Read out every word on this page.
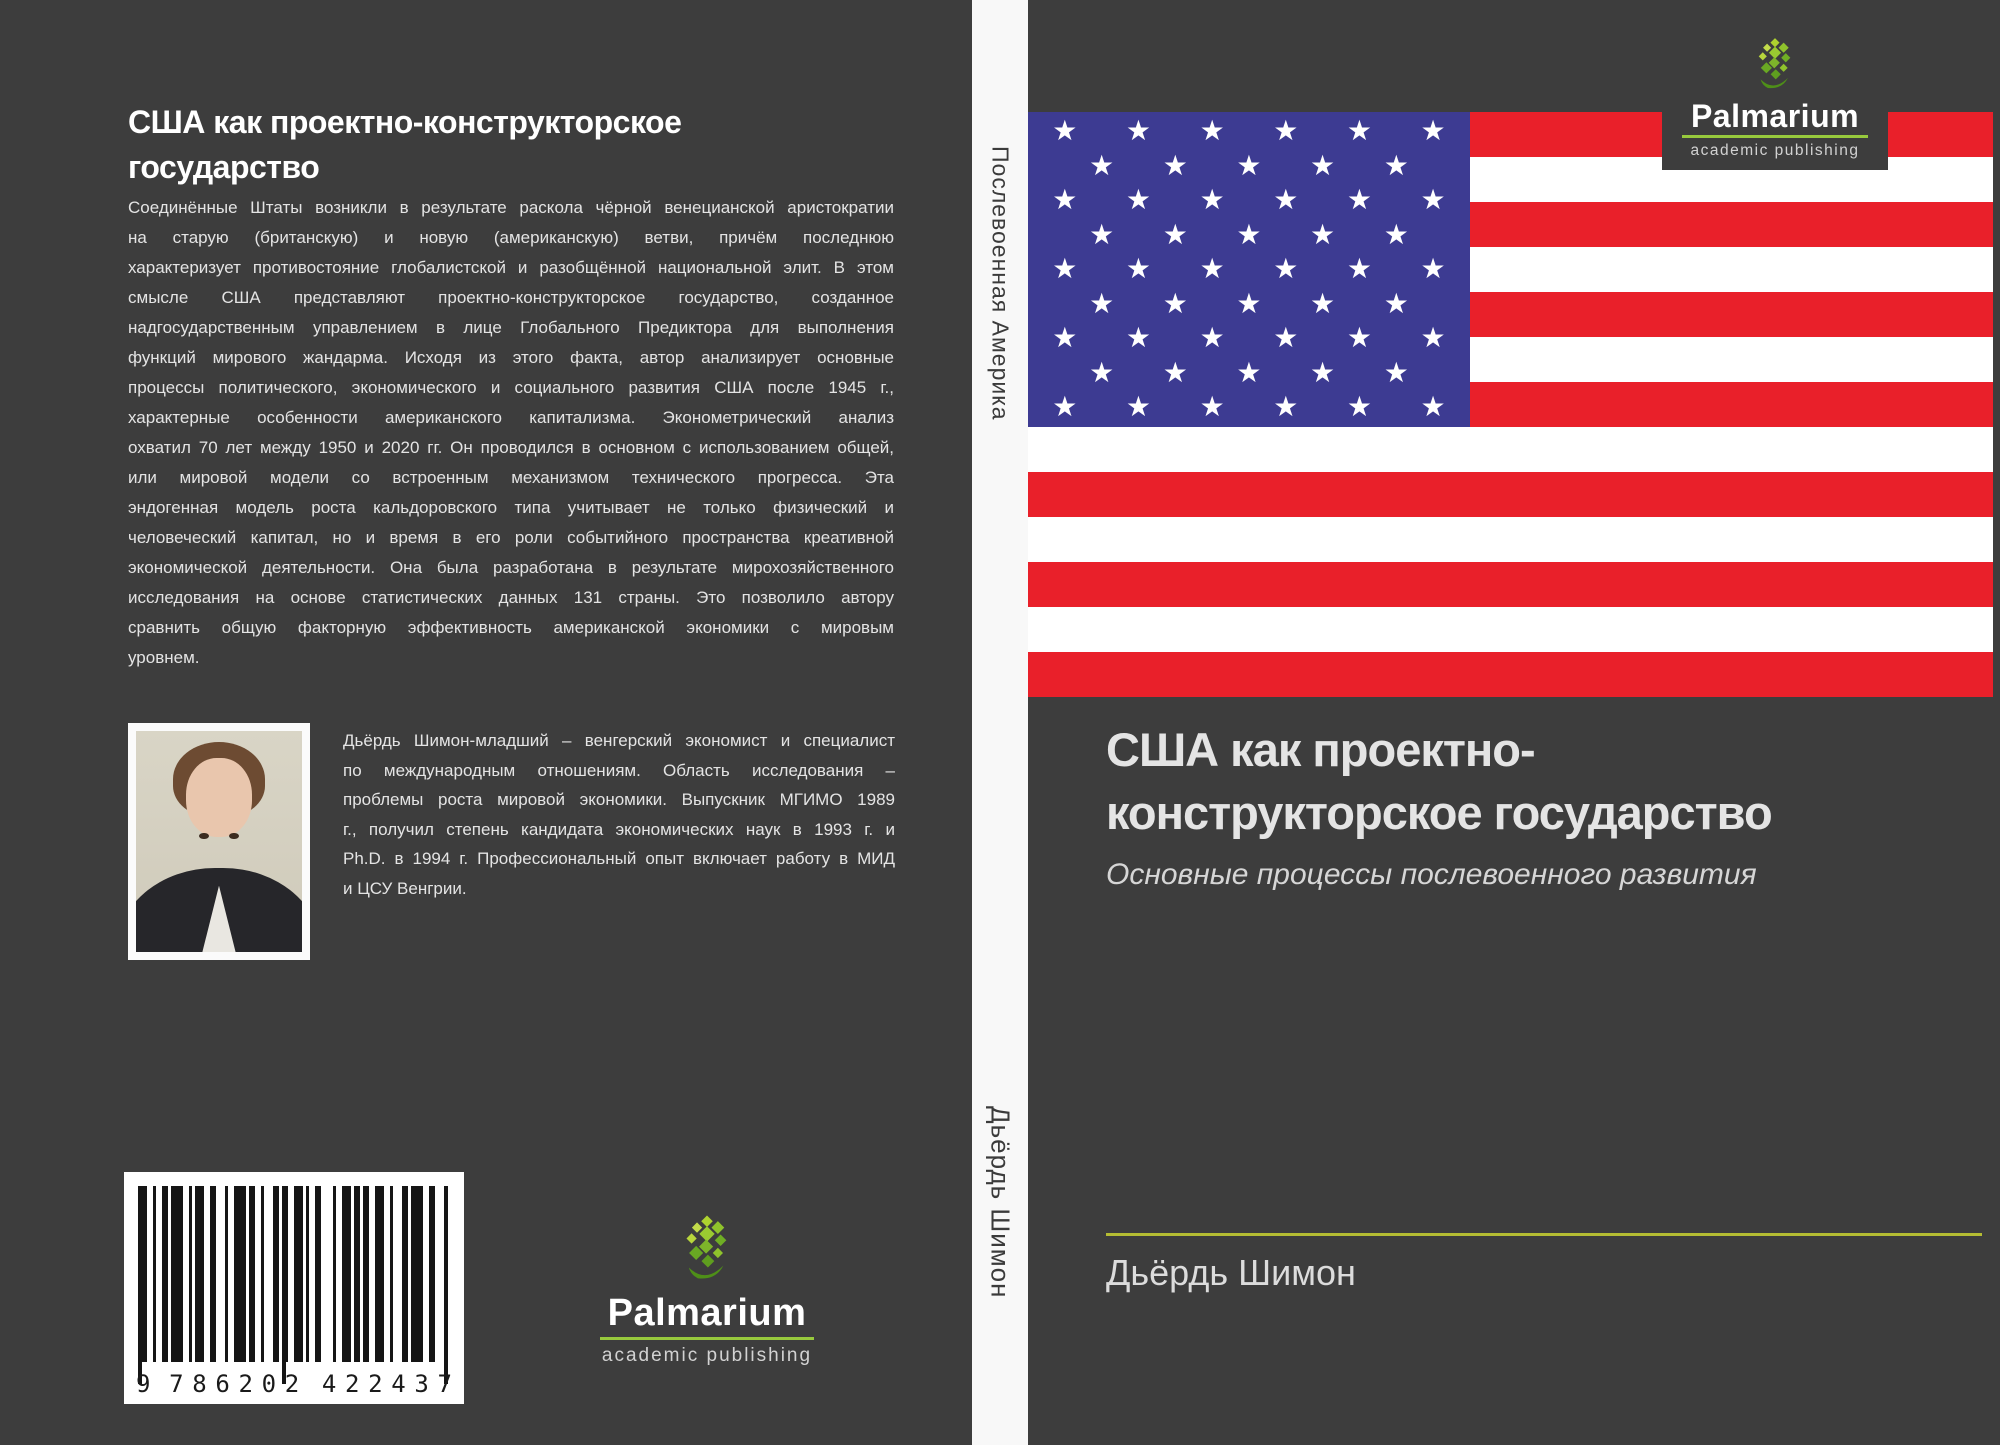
США как проектно-конструкторское
государство
Соединённые Штаты возникли в результате раскола чёрной венецианской аристократии
на старую (британскую) и новую (американскую) ветви, причём последнюю
характеризует противостояние глобалистской и разобщённой национальной элит. В этом
смысле США представляют проектно-конструкторское государство, созданное
надгосударственным управлением в лице Глобального Предиктора для выполнения
функций мирового жандарма. Исходя из этого факта, автор анализирует основные
процессы политического, экономического и социального развития США после 1945 г.,
характерные особенности американского капитализма. Эконометрический анализ
охватил 70 лет между 1950 и 2020 гг. Он проводился в основном с использованием общей,
или мировой модели со встроенным механизмом технического прогресса. Эта
эндогенная модель роста кальдоровского типа учитывает не только физический и
человеческий капитал, но и время в его роли событийного пространства креативной
экономической деятельности. Она была разработана в результате мирохозяйственного
исследования на основе статистических данных 131 страны. Это позволило автору
сравнить общую факторную эффективность американской экономики с мировым
уровнем.
Дьёрдь Шимон-младший – венгерский экономист и специалист
по международным отношениям. Область исследования –
проблемы роста мировой экономики. Выпускник МГИМО 1989
г., получил степень кандидата экономических наук в 1993 г. и
Ph.D. в 1994 г. Профессиональный опыт включает работу в МИД
и ЦСУ Венгрии.
9 7 8 6 2 0 2 4 2 2 4 3 7
Palmarium
academic publishing
Послевоенная Америка
Дьёрдь Шимон
★	★	★	★	★	★
★	★	★	★	★
★	★	★	★	★	★
★	★	★	★	★
★	★	★	★	★	★
★	★	★	★	★
★	★	★	★	★	★
★	★	★	★	★
★	★	★	★	★	★
Palmarium
academic publishing
США как проектно-
конструкторское государство
Основные процессы послевоенного развития
Дьёрдь Шимон
